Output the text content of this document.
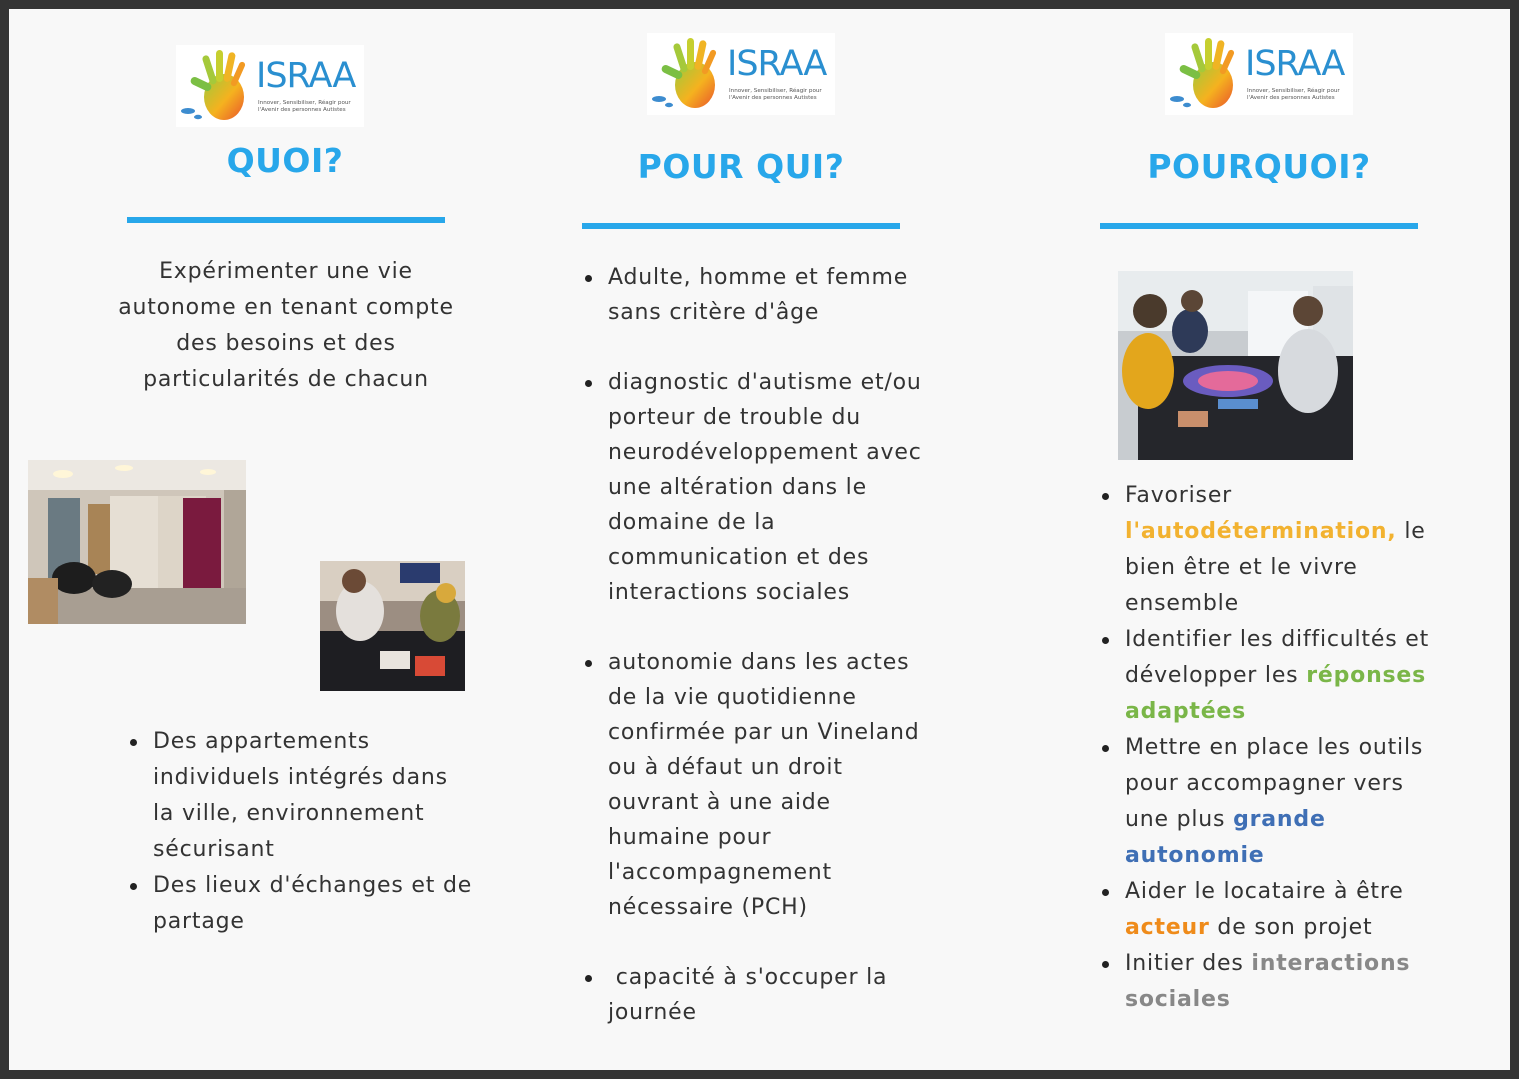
ISRAA
Innover, Sensibiliser, Réagir pour
l'Avenir des personnes Autistes
QUOI?
Expérimenter une vie autonome en tenant compte des besoins et des particularités de chacun
Des appartements individuels intégrés dans la ville, environnement sécurisant
Des lieux d'échanges et de partage
ISRAA
Innover, Sensibiliser, Réagir pour
l'Avenir des personnes Autistes
POUR QUI?
Adulte, homme et femme sans critère d'âge
diagnostic d'autisme et/ou porteur de trouble du neurodéveloppement avec une altération dans le domaine de la communication et des interactions sociales
autonomie dans les actes de la vie quotidienne confirmée par un Vineland ou à défaut un droit ouvrant à une aide humaine pour l'accompagnement nécessaire (PCH)
capacité à s'occuper la journée
ISRAA
Innover, Sensibiliser, Réagir pour
l'Avenir des personnes Autistes
POURQUOI?
Favoriser l'autodétermination, le bien être et le vivre ensemble
Identifier les difficultés et développer les réponses adaptées
Mettre en place les outils pour accompagner vers une plus grande autonomie
Aider le locataire à être acteur de son projet
Initier des interactions sociales
